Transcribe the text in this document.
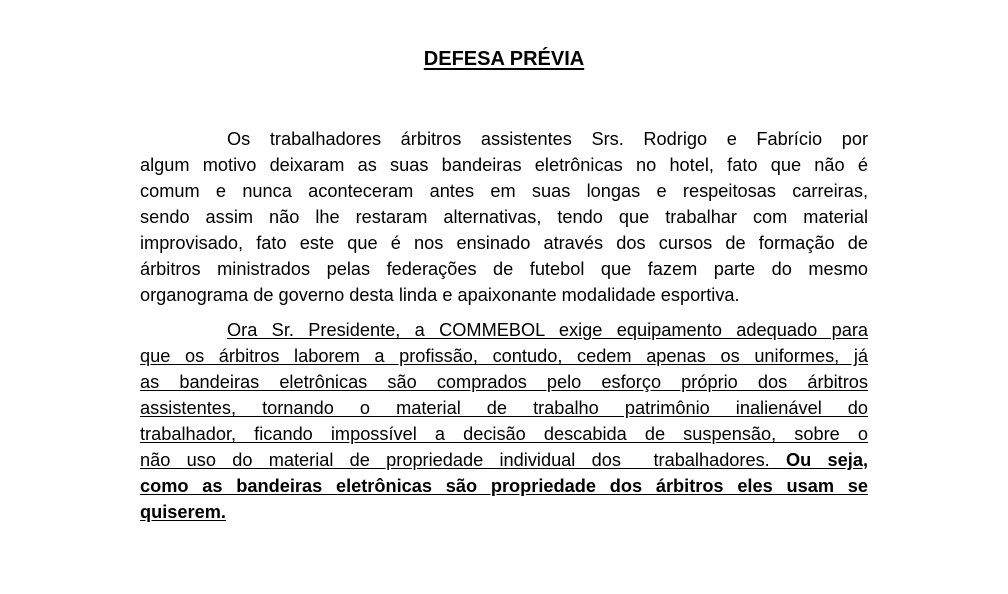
DEFESA PRÉVIA
Os trabalhadores árbitros assistentes Srs. Rodrigo e Fabrício por
algum motivo deixaram as suas bandeiras eletrônicas no hotel, fato que não é
comum e nunca aconteceram antes em suas longas e respeitosas carreiras,
sendo assim não lhe restaram alternativas, tendo que trabalhar com material
improvisado, fato este que é nos ensinado através dos cursos de formação de
árbitros ministrados pelas federações de futebol que fazem parte do mesmo
organograma de governo desta linda e apaixonante modalidade esportiva.
Ora Sr. Presidente, a COMMEBOL exige equipamento adequado para
que os árbitros laborem a profissão, contudo, cedem apenas os uniformes, já
as bandeiras eletrônicas são comprados pelo esforço próprio dos árbitros
assistentes, tornando o material de trabalho patrimônio inalienável do
trabalhador, ficando impossível a decisão descabida de suspensão, sobre o
não uso do material de propriedade individual dos  trabalhadores. Ou seja,
como as bandeiras eletrônicas são propriedade dos árbitros eles usam se
quiserem.
